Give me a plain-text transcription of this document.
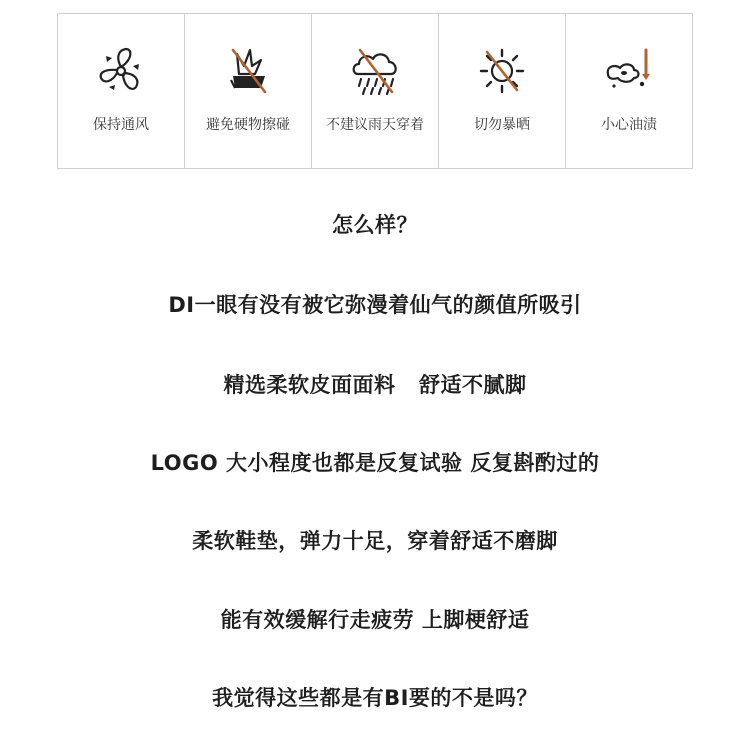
保持通风	避免硬物擦碰	不建议雨天穿着	切勿暴晒	小心油渍
怎么样？
DI一眼有没有被它弥漫着仙气的颜值所吸引
精选柔软皮面面料   舒适不腻脚
LOGO 大小程度也都是反复试验 反复斟酌过的
柔软鞋垫，弹力十足，穿着舒适不磨脚
能有效缓解行走疲劳 上脚梗舒适
我觉得这些都是有BI要的不是吗？
